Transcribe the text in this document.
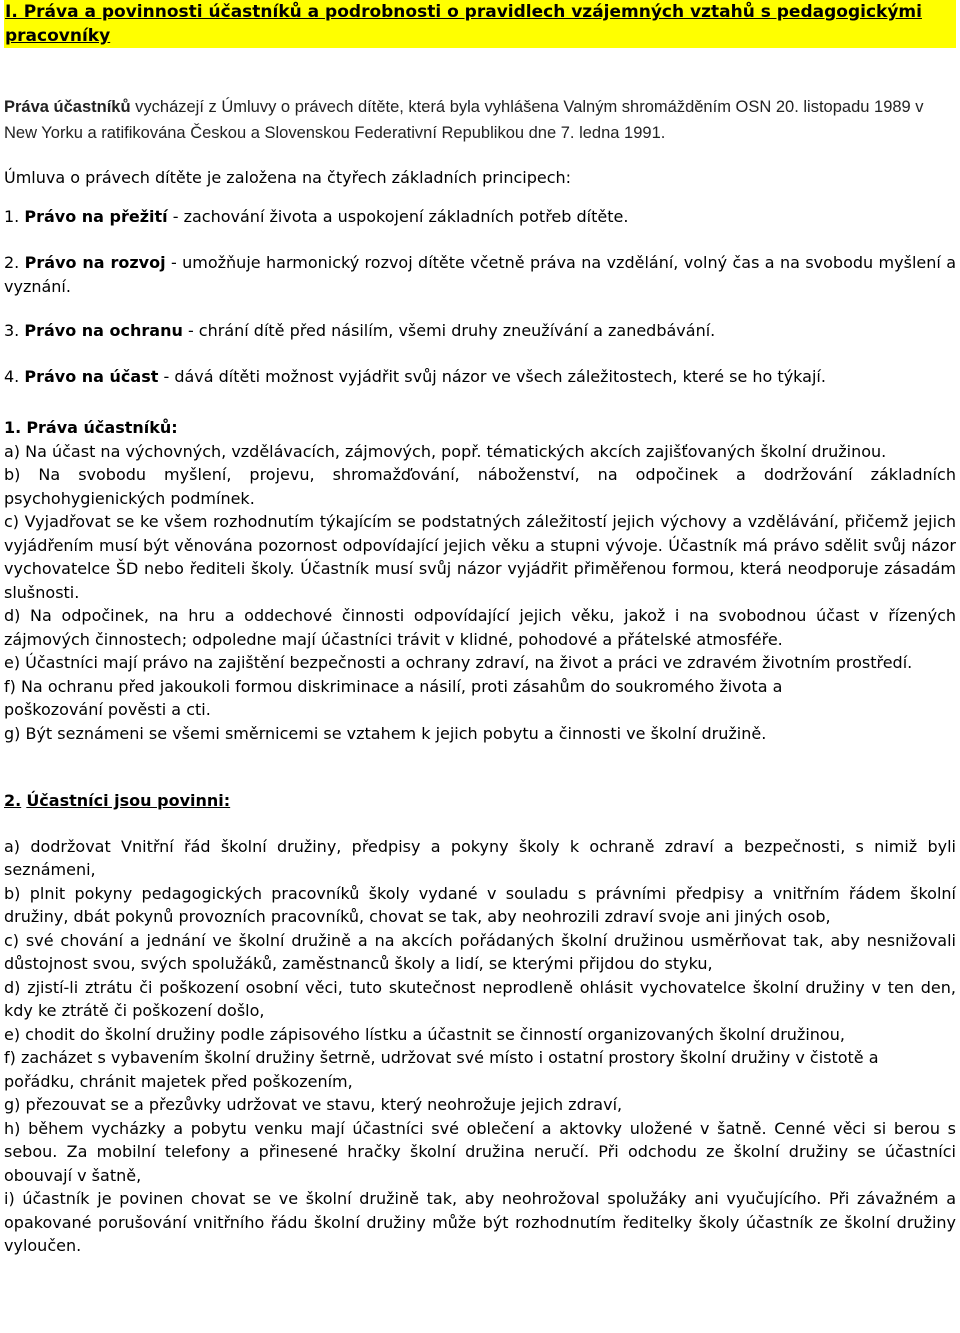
I. Práva a povinnosti účastníků a podrobnosti o pravidlech vzájemných vztahů s pedagogickými pracovníky

Práva účastníků vycházejí z Úmluvy o právech dítěte, která byla vyhlášena Valným shromážděním OSN 20. listopadu 1989 v New Yorku a ratifikována Českou a Slovenskou Federativní Republikou dne 7. ledna 1991.

Úmluva o právech dítěte je založena na čtyřech základních principech:

1. Právo na přežití - zachování života a uspokojení základních potřeb dítěte.

2. Právo na rozvoj - umožňuje harmonický rozvoj dítěte včetně práva na vzdělání, volný čas a na svobodu myšlení a vyznání.

3. Právo na ochranu - chrání dítě před násilím, všemi druhy zneužívání a zanedbávání.

4. Právo na účast - dává dítěti možnost vyjádřit svůj názor ve všech záležitostech, které se ho týkají.

1. Práva účastníků:

a) Na účast na výchovných, vzdělávacích, zájmových, popř. tématických akcích zajišťovaných školní družinou.

b) Na svobodu myšlení, projevu, shromažďování, náboženství, na odpočinek a dodržování základních psychohygienických podmínek.

c) Vyjadřovat se ke všem rozhodnutím týkajícím se podstatných záležitostí jejich výchovy a vzdělávání, přičemž jejich vyjádřením musí být věnována pozornost odpovídající jejich věku a stupni vývoje. Účastník má právo sdělit svůj názor vychovatelce ŠD nebo řediteli školy. Účastník musí svůj názor vyjádřit přiměřenou formou, která neodporuje zásadám slušnosti.

d) Na odpočinek, na hru a oddechové činnosti odpovídající jejich věku, jakož i na svobodnou účast v řízených zájmových činnostech; odpoledne mají účastníci trávit v klidné, pohodové a přátelské atmosféře.

e) Účastníci mají právo na zajištění bezpečnosti a ochrany zdraví, na život a práci ve zdravém životním prostředí.

f) Na ochranu před jakoukoli formou diskriminace a násilí, proti zásahům do soukromého života a poškozování pověsti a cti.

g) Být seznámeni se všemi směrnicemi se vztahem k jejich pobytu a činnosti ve školní družině.

2. Účastníci jsou povinni:

a) dodržovat Vnitřní řád školní družiny, předpisy a pokyny školy k ochraně zdraví a bezpečnosti, s nimiž byli seznámeni,

b) plnit pokyny pedagogických pracovníků školy vydané v souladu s právními předpisy a vnitřním řádem školní družiny, dbát pokynů provozních pracovníků, chovat se tak, aby neohrozili zdraví svoje ani jiných osob,

c) své chování a jednání ve školní družině a na akcích pořádaných školní družinou usměrňovat tak, aby nesnižovali důstojnost svou, svých spolužáků, zaměstnanců školy a lidí, se kterými přijdou do styku,

d) zjistí-li ztrátu či poškození osobní věci, tuto skutečnost neprodleně ohlásit vychovatelce školní družiny v ten den, kdy ke ztrátě či poškození došlo,

e) chodit do školní družiny podle zápisového lístku a účastnit se činností organizovaných školní družinou,

f) zacházet s vybavením školní družiny šetrně, udržovat své místo i ostatní prostory školní družiny v čistotě a pořádku, chránit majetek před poškozením,

g) přezouvat se a přezůvky udržovat ve stavu, který neohrožuje jejich zdraví,

h) během vycházky a pobytu venku mají účastníci své oblečení a aktovky uložené v šatně. Cenné věci si berou s sebou. Za mobilní telefony a přinesené hračky školní družina neručí. Při odchodu ze školní družiny se účastníci obouvají v šatně,

i) účastník je povinen chovat se ve školní družině tak, aby neohrožoval spolužáky ani vyučujícího. Při závažném a opakované porušování vnitřního řádu školní družiny může být rozhodnutím ředitelky školy účastník ze školní družiny vyloučen.
